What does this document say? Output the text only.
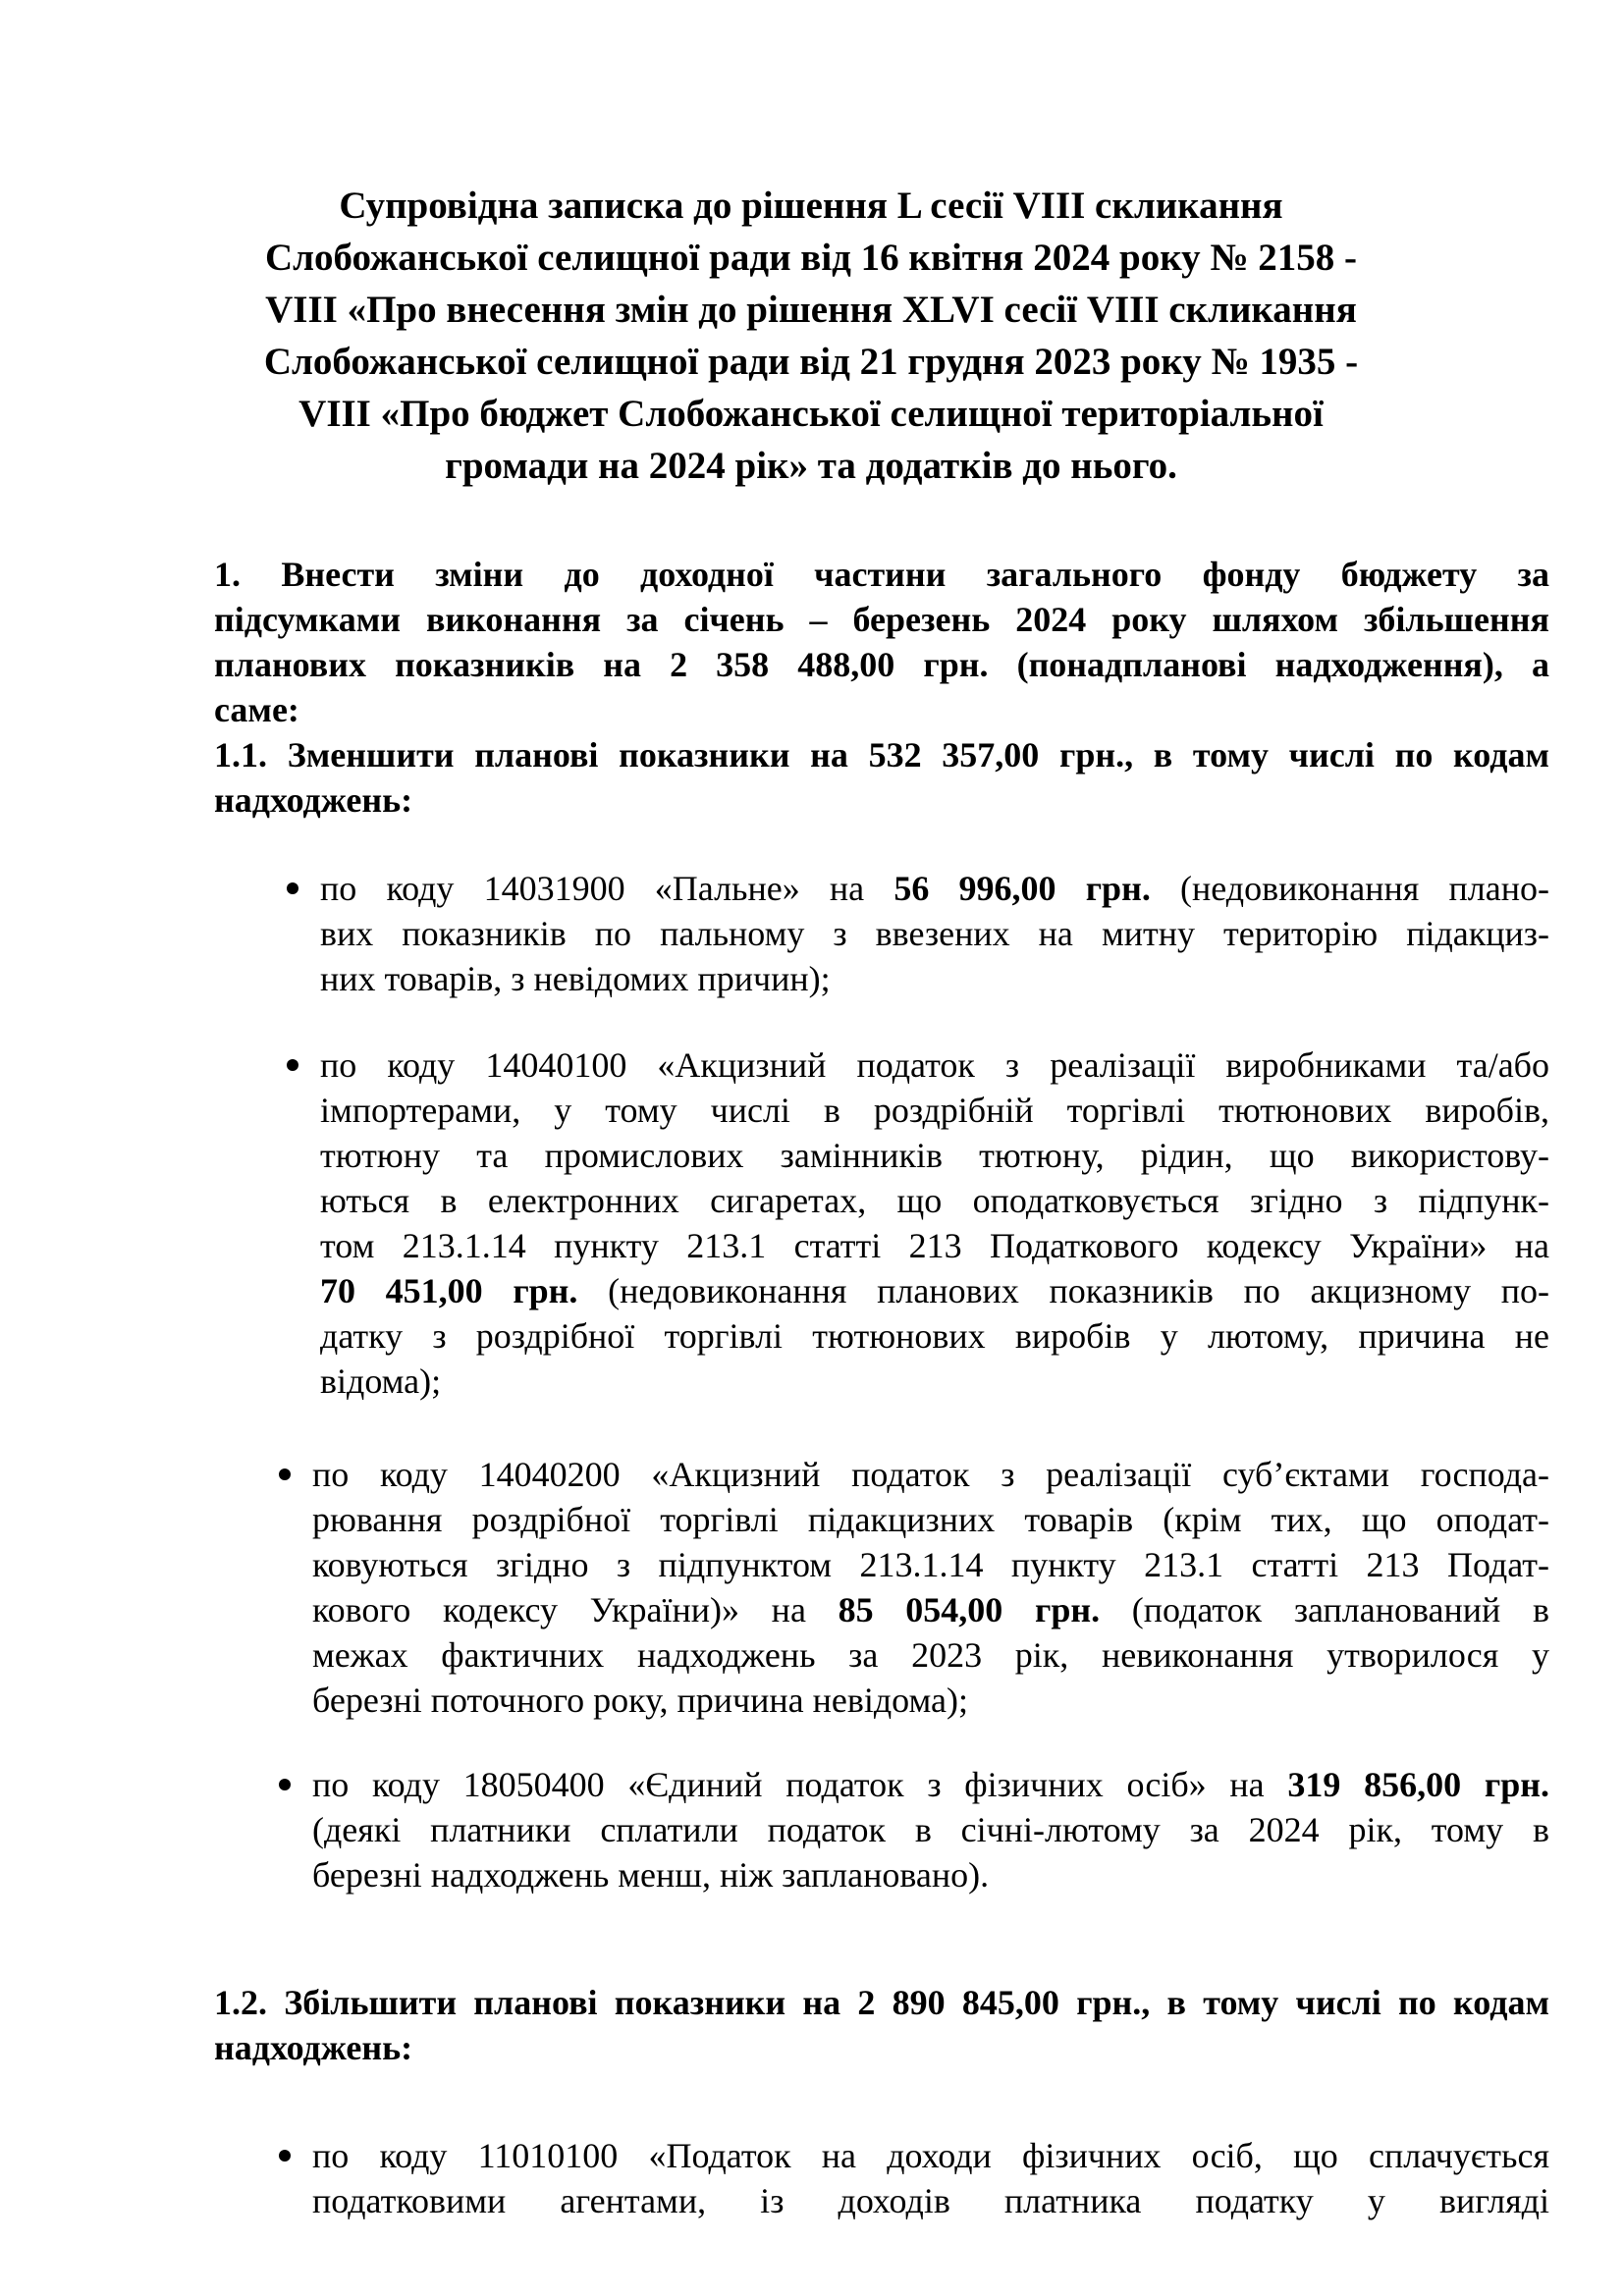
Супровідна записка до рішення L сесії VIII скликання
Слобожанської селищної ради від 16 квітня 2024 року № 2158 -
VIII «Про внесення змін до рішення XLVI сесії VIII скликання
Слобожанської селищної ради від 21 грудня 2023 року № 1935 -
VIII «Про бюджет Слобожанської селищної територіальної
громади на 2024 рік» та додатків до нього.
1. Внести зміни до доходної частини загального фонду бюджету за
підсумками виконання за січень – березень 2024 року шляхом збільшення
планових показників на 2 358 488,00 грн. (понадпланові надходження), а
саме:
1.1. Зменшити планові показники на 532 357,00 грн., в тому числі по кодам
надходжень:
по коду 14031900 «Пальне» на 56 996,00 грн. (недовиконання плано-
вих показників по пальному з ввезених на митну територію підакциз-
них товарів, з невідомих причин);
по коду 14040100 «Акцизний податок з реалізації виробниками та/або
імпортерами, у тому числі в роздрібній торгівлі тютюнових виробів,
тютюну та промислових замінників тютюну, рідин, що використову-
ються в електронних сигаретах, що оподатковується згідно з підпунк-
том 213.1.14 пункту 213.1 статті 213 Податкового кодексу України» на
70 451,00 грн. (недовиконання планових показників по акцизному по-
датку з роздрібної торгівлі тютюнових виробів у лютому, причина не
відома);
по коду 14040200 «Акцизний податок з реалізації суб’єктами господа-
рювання роздрібної торгівлі підакцизних товарів (крім тих, що оподат-
ковуються згідно з підпунктом 213.1.14 пункту 213.1 статті 213 Подат-
кового кодексу України)» на 85 054,00 грн. (податок запланований в
межах фактичних надходжень за 2023 рік, невиконання утворилося у
березні поточного року, причина невідома);
по коду 18050400 «Єдиний податок з фізичних осіб» на 319 856,00 грн.
(деякі платники сплатили податок в січні-лютому за 2024 рік, тому в
березні надходжень менш, ніж заплановано).
1.2. Збільшити планові показники на 2 890 845,00 грн., в тому числі по кодам
надходжень:
по коду 11010100 «Податок на доходи фізичних осіб, що сплачується
податковими агентами, із доходів платника податку у вигляді
